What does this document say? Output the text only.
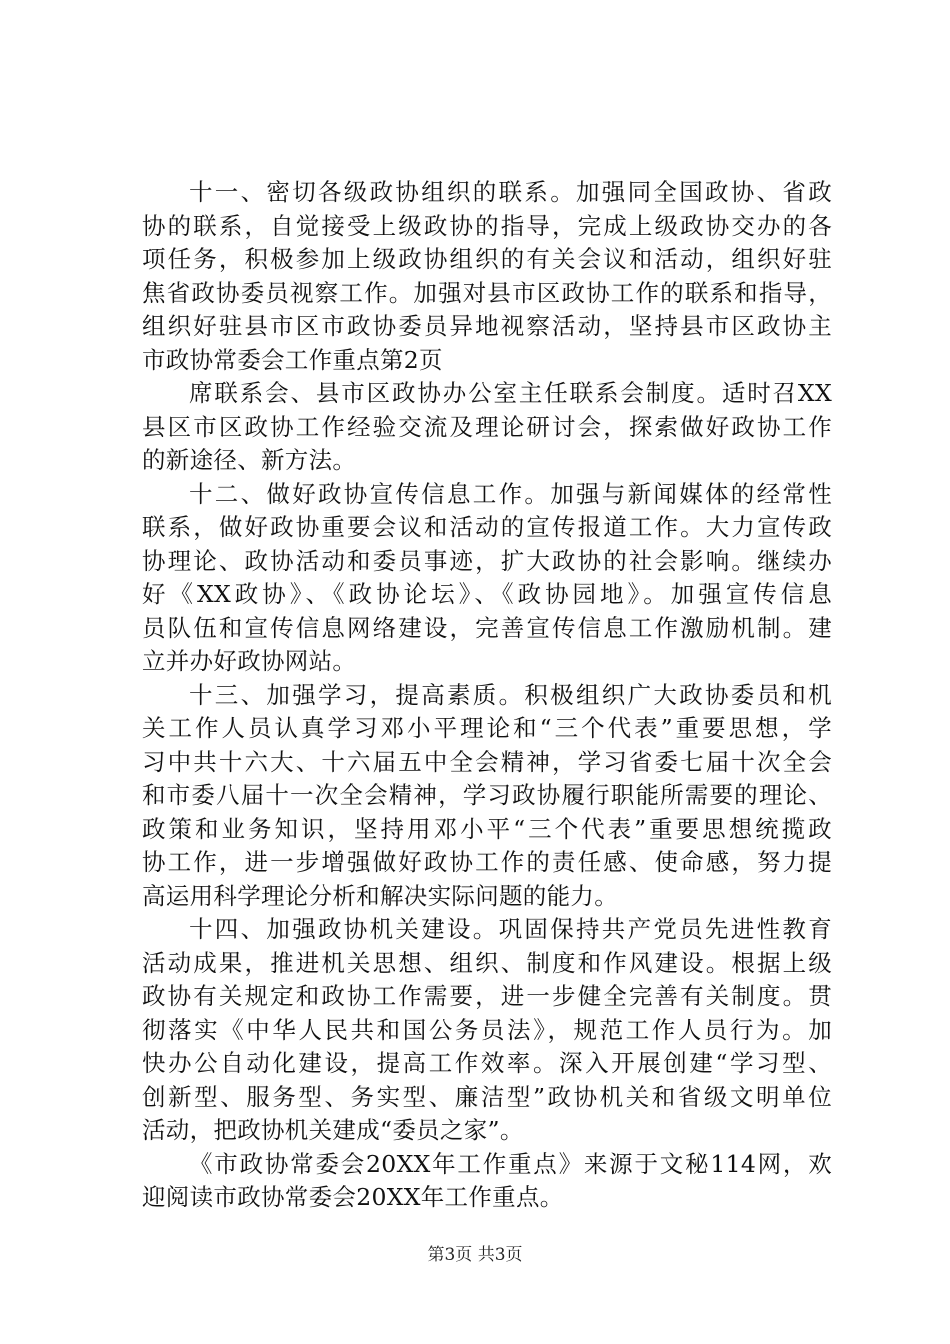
十一、密切各级政协组织的联系。加强同全国政协、省政
协的联系，自觉接受上级政协的指导，完成上级政协交办的各
项任务，积极参加上级政协组织的有关会议和活动，组织好驻
焦省政协委员视察工作。加强对县市区政协工作的联系和指导，
组织好驻县市区市政协委员异地视察活动，坚持县市区政协主
市政协常委会工作重点第2页
席联系会、县市区政协办公室主任联系会制度。适时召XX
县区市区政协工作经验交流及理论研讨会，探索做好政协工作
的新途径、新方法。
十二、做好政协宣传信息工作。加强与新闻媒体的经常性
联系，做好政协重要会议和活动的宣传报道工作。大力宣传政
协理论、政协活动和委员事迹，扩大政协的社会影响。继续办
好《XX政协》、《政协论坛》、《政协园地》。加强宣传信息
员队伍和宣传信息网络建设，完善宣传信息工作激励机制。建
立并办好政协网站。
十三、加强学习，提高素质。积极组织广大政协委员和机
关工作人员认真学习邓小平理论和“三个代表”重要思想，学
习中共十六大、十六届五中全会精神，学习省委七届十次全会
和市委八届十一次全会精神，学习政协履行职能所需要的理论、
政策和业务知识，坚持用邓小平“三个代表”重要思想统揽政
协工作，进一步增强做好政协工作的责任感、使命感，努力提
高运用科学理论分析和解决实际问题的能力。
十四、加强政协机关建设。巩固保持共产党员先进性教育
活动成果，推进机关思想、组织、制度和作风建设。根据上级
政协有关规定和政协工作需要，进一步健全完善有关制度。贯
彻落实《中华人民共和国公务员法》，规范工作人员行为。加
快办公自动化建设，提高工作效率。深入开展创建“学习型、
创新型、服务型、务实型、廉洁型”政协机关和省级文明单位
活动，把政协机关建成“委员之家”。
《市政协常委会20XX年工作重点》来源于文秘114网，欢
迎阅读市政协常委会20XX年工作重点。
第3页 共3页
